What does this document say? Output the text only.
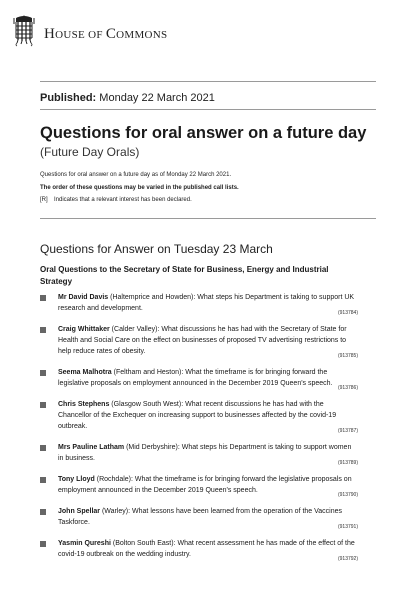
HOUSE OF COMMONS
Published: Monday 22 March 2021
Questions for oral answer on a future day
(Future Day Orals)
Questions for oral answer on a future day as of Monday 22 March 2021.
The order of these questions may be varied in the published call lists.
[R] Indicates that a relevant interest has been declared.
Questions for Answer on Tuesday 23 March
Oral Questions to the Secretary of State for Business, Energy and Industrial Strategy
Mr David Davis (Haltemprice and Howden): What steps his Department is taking to support UK research and development.
(913784)
Craig Whittaker (Calder Valley): What discussions he has had with the Secretary of State for Health and Social Care on the effect on businesses of proposed TV advertising restrictions to help reduce rates of obesity.
(913785)
Seema Malhotra (Feltham and Heston): What the timeframe is for bringing forward the legislative proposals on employment announced in the December 2019 Queen's speech.
(913786)
Chris Stephens (Glasgow South West): What recent discussions he has had with the Chancellor of the Exchequer on increasing support to businesses affected by the covid-19 outbreak.
(913787)
Mrs Pauline Latham (Mid Derbyshire): What steps his Department is taking to support women in business.
(913789)
Tony Lloyd (Rochdale): What the timeframe is for bringing forward the legislative proposals on employment announced in the December 2019 Queen's speech.
(913790)
John Spellar (Warley): What lessons have been learned from the operation of the Vaccines Taskforce.
(913791)
Yasmin Qureshi (Bolton South East): What recent assessment he has made of the effect of the covid-19 outbreak on the wedding industry.
(913792)
